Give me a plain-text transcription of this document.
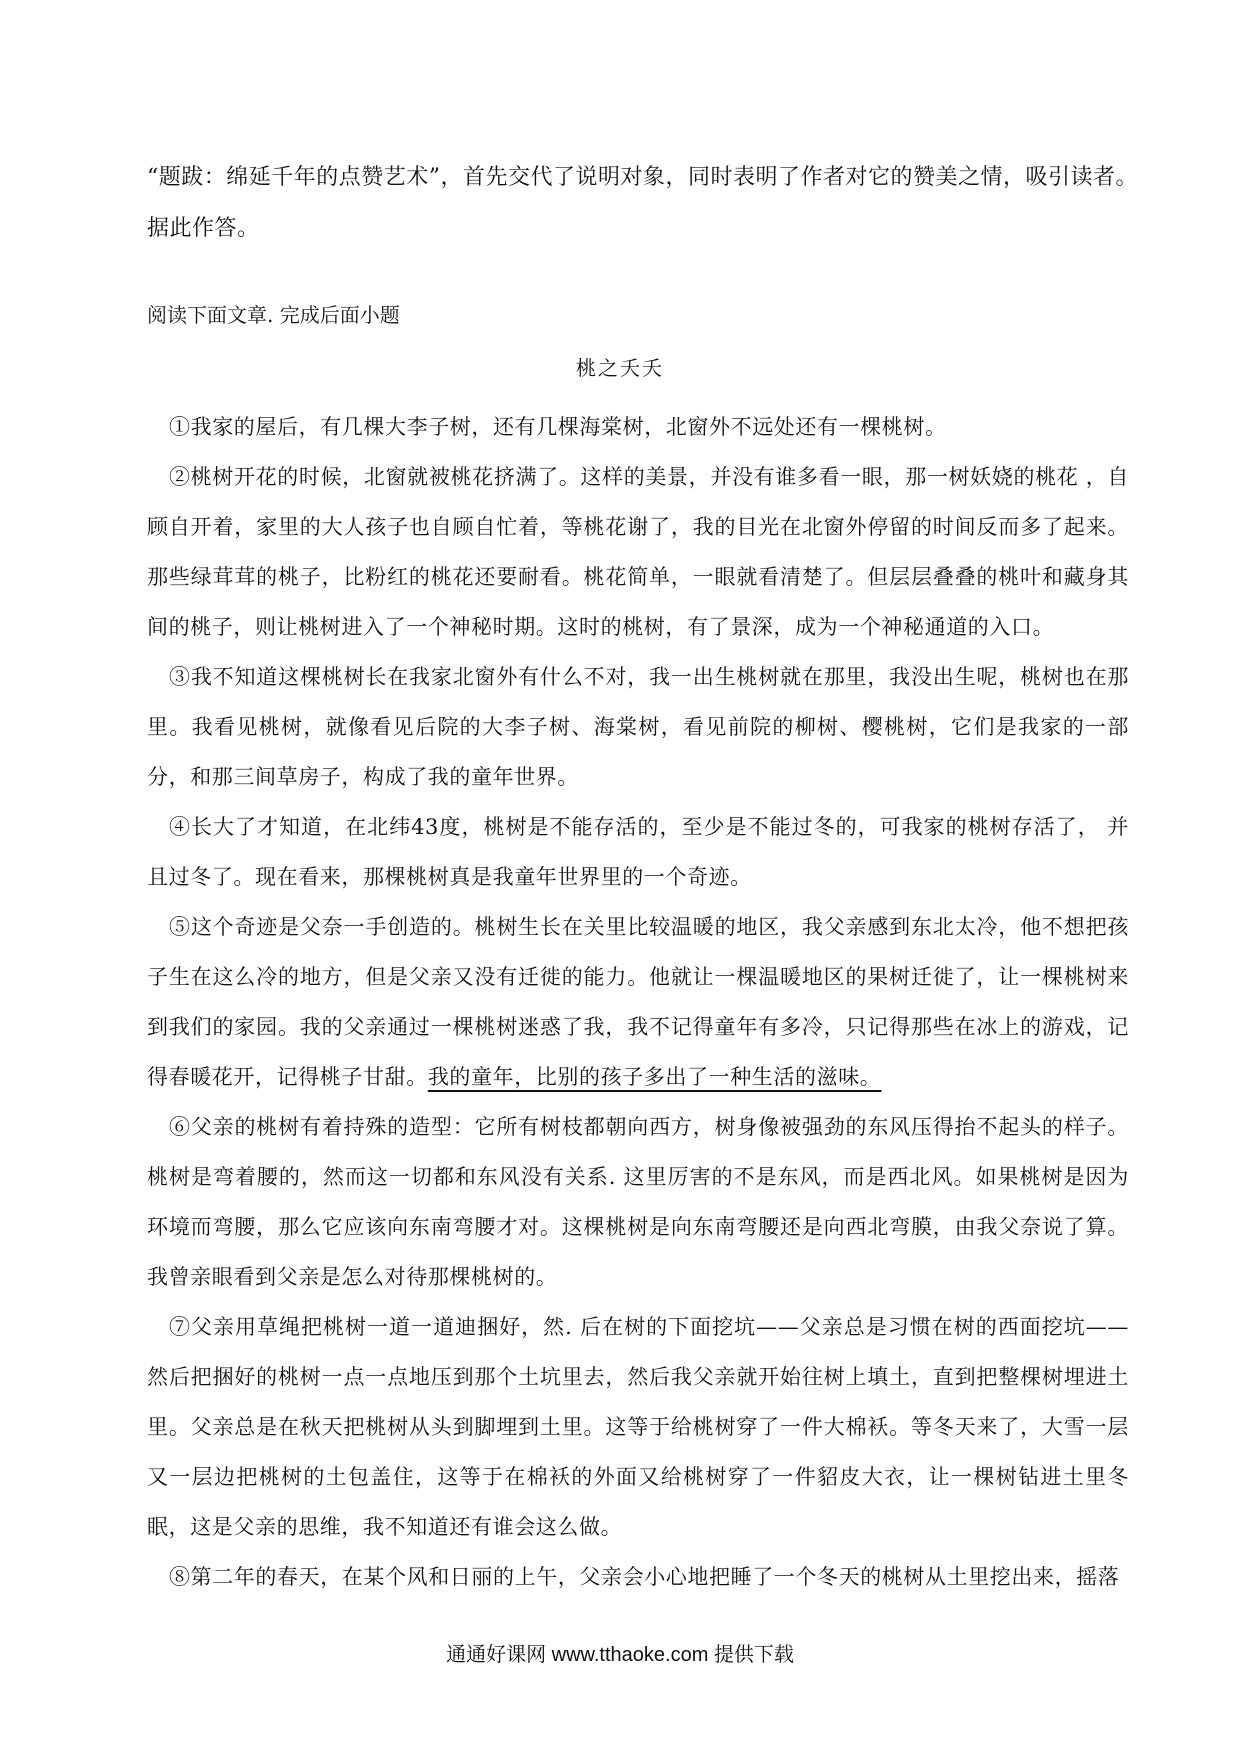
“题跋：绵延千年的点赞艺术”，首先交代了说明对象，同时表明了作者对它的赞美之情，吸引读者。据此作答。
阅读下面文章. 完成后面小题
桃之夭夭

①我家的屋后，有几棵大李子树，还有几棵海棠树，北窗外不远处还有一棵桃树。

②桃树开花的时候，北窗就被桃花挤满了。这样的美景，并没有谁多看一眼，那一树妖娆的桃花 ，自顾自开着，家里的大人孩子也自顾自忙着，等桃花谢了，我的目光在北窗外停留的时间反而多了起来。 那些绿茸茸的桃子，比粉红的桃花还要耐看。桃花简单，一眼就看清楚了。但层层叠叠的桃叶和藏身其间的桃子，则让桃树进入了一个神秘时期。这时的桃树，有了景深，成为一个神秘通道的入口。

③我不知道这棵桃树长在我家北窗外有什么不对，我一出生桃树就在那里，我没出生呢，桃树也在那里。我看见桃树，就像看见后院的大李子树、海棠树，看见前院的柳树、樱桃树，它们是我家的一部分，和那三间草房子，构成了我的童年世界。

④长大了才知道，在北纬43度，桃树是不能存活的，至少是不能过冬的，可我家的桃树存活了， 并且过冬了。现在看来，那棵桃树真是我童年世界里的一个奇迹。

⑤这个奇迹是父奈一手创造的。桃树生长在关里比较温暖的地区，我父亲感到东北太冷，他不想把孩子生在这么冷的地方，但是父亲又没有迁徙的能力。他就让一棵温暖地区的果树迁徙了，让一棵桃树来到我们的家园。我的父亲通过一棵桃树迷惑了我，我不记得童年有多冷，只记得那些在冰上的游戏，记得春暖花开，记得桃子甘甜。我的童年，比别的孩子多出了一种生活的滋味。

⑥父亲的桃树有着持殊的造型：它所有树枝都朝向西方，树身像被强劲的东风压得抬不起头的样子。桃树是弯着腰的，然而这一切都和东风没有关系. 这里厉害的不是东风，而是西北风。如果桃树是因为环境而弯腰，那么它应该向东南弯腰才对。这棵桃树是向东南弯腰还是向西北弯膜，由我父奈说了算。我曾亲眼看到父亲是怎么对待那棵桃树的。

⑦父亲用草绳把桃树一道一道迪捆好，然. 后在树的下面挖坑——父亲总是习惯在树的西面挖坑——然后把捆好的桃树一点一点地压到那个土坑里去，然后我父亲就开始往树上填土，直到把整棵树埋进土里。父亲总是在秋天把桃树从头到脚埋到土里。这等于给桃树穿了一件大棉袄。等冬天来了，大雪一层又一层边把桃树的土包盖住，这等于在棉袄的外面又给桃树穿了一件貂皮大衣，让一棵树钻进土里冬眠，这是父亲的思维，我不知道还有谁会这么做。

⑧第二年的春天，在某个风和日丽的上午，父亲会小心地把睡了一个冬天的桃树从土里挖出来，摇落

通通好课网 www.tthaoke.com 提供下载
